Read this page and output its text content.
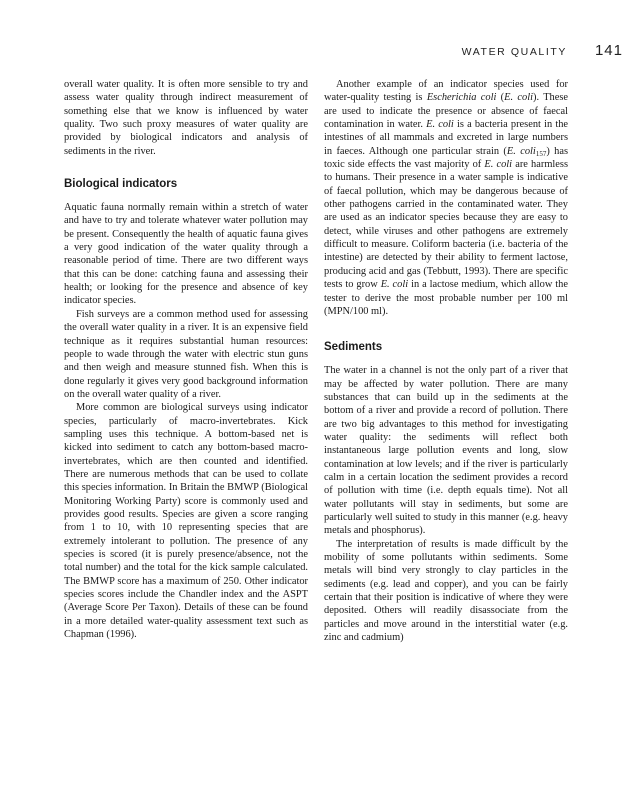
WATER QUALITY 141

overall water quality. It is often more sensible to try and assess water quality through indirect measurement of something else that we know is influenced by water quality. Two such proxy measures of water quality are provided by biological indicators and analysis of sediments in the river.

Biological indicators

Aquatic fauna normally remain within a stretch of water and have to try and tolerate whatever water pollution may be present. Consequently the health of aquatic fauna gives a very good indication of the water quality through a reasonable period of time. There are two different ways that this can be done: catching fauna and assessing their health; or looking for the presence and absence of key indicator species.

Fish surveys are a common method used for assessing the overall water quality in a river. It is an expensive field technique as it requires substantial human resources: people to wade through the water with electric stun guns and then weigh and measure stunned fish. When this is done regularly it gives very good background information on the overall water quality of a river.

More common are biological surveys using indicator species, particularly of macro-invertebrates. Kick sampling uses this technique. A bottom-based net is kicked into sediment to catch any bottom-based macro-invertebrates, which are then counted and identified. There are numerous methods that can be used to collate this species information. In Britain the BMWP (Biological Monitoring Working Party) score is commonly used and provides good results. Species are given a score ranging from 1 to 10, with 10 representing species that are extremely intolerant to pollution. The presence of any species is scored (it is purely presence/absence, not the total number) and the total for the kick sample calculated. The BMWP score has a maximum of 250. Other indicator species scores include the Chandler index and the ASPT (Average Score Per Taxon). Details of these can be found in a more detailed water-quality assessment text such as Chapman (1996).

Another example of an indicator species used for water-quality testing is Escherichia coli (E. coli). These are used to indicate the presence or absence of faecal contamination in water. E. coli is a bacteria present in the intestines of all mammals and excreted in large numbers in faeces. Although one particular strain (E. coli$_{157}$) has toxic side effects the vast majority of E. coli are harmless to humans. Their presence in a water sample is indicative of faecal pollution, which may be dangerous because of other pathogens carried in the contaminated water. They are used as an indicator species because they are easy to detect, while viruses and other pathogens are extremely difficult to measure. Coliform bacteria (i.e. bacteria of the intestine) are detected by their ability to ferment lactose, producing acid and gas (Tebbutt, 1993). There are specific tests to grow E. coli in a lactose medium, which allow the tester to derive the most probable number per 100 ml (MPN/100 ml).

Sediments

The water in a channel is not the only part of a river that may be affected by water pollution. There are many substances that can build up in the sediments at the bottom of a river and provide a record of pollution. There are two big advantages to this method for investigating water quality: the sediments will reflect both instantaneous large pollution events and long, slow contamination at low levels; and if the river is particularly calm in a certain location the sediment provides a record of pollution with time (i.e. depth equals time). Not all water pollutants will stay in sediments, but some are particularly well suited to study in this manner (e.g. heavy metals and phosphorus).

The interpretation of results is made difficult by the mobility of some pollutants within sediments. Some metals will bind very strongly to clay particles in the sediments (e.g. lead and copper), and you can be fairly certain that their position is indicative of where they were deposited. Others will readily disassociate from the particles and move around in the interstitial water (e.g. zinc and cadmium)
